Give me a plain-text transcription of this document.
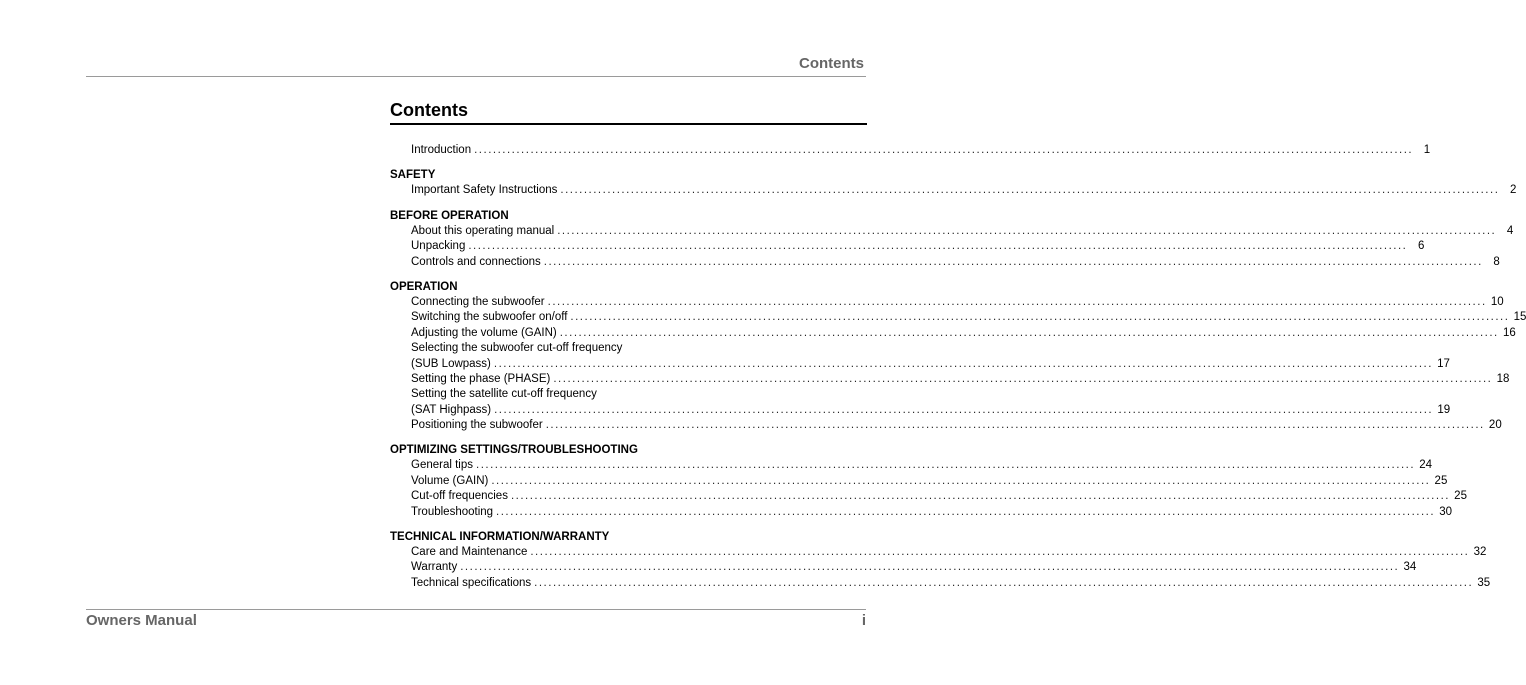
Contents
Contents
Introduction ........................................................................................................................................................................................................ 1
SAFETY
Important Safety Instructions ........................................................................................................................................................................................................ 2
BEFORE OPERATION
About this operating manual ........................................................................................................................................................................................................ 4
Unpacking ........................................................................................................................................................................................................ 6
Controls and connections ........................................................................................................................................................................................................ 8
OPERATION
Connecting the subwoofer ........................................................................................................................................................................................................ 10
Switching the subwoofer on/off ........................................................................................................................................................................................................ 15
Adjusting the volume (GAIN) ........................................................................................................................................................................................................ 16
Selecting the subwoofer cut-off frequency
(SUB Lowpass) ........................................................................................................................................................................................................ 17
Setting the phase (PHASE) ........................................................................................................................................................................................................ 18
Setting the satellite cut-off frequency
(SAT Highpass) ........................................................................................................................................................................................................ 19
Positioning the subwoofer ........................................................................................................................................................................................................ 20
OPTIMIZING SETTINGS/TROUBLESHOOTING
General tips ........................................................................................................................................................................................................ 24
Volume (GAIN) ........................................................................................................................................................................................................ 25
Cut-off frequencies ........................................................................................................................................................................................................ 25
Troubleshooting ........................................................................................................................................................................................................ 30
TECHNICAL INFORMATION/WARRANTY
Care and Maintenance ........................................................................................................................................................................................................ 32
Warranty ........................................................................................................................................................................................................ 34
Technical specifications ........................................................................................................................................................................................................ 35
Owners Manual	i
